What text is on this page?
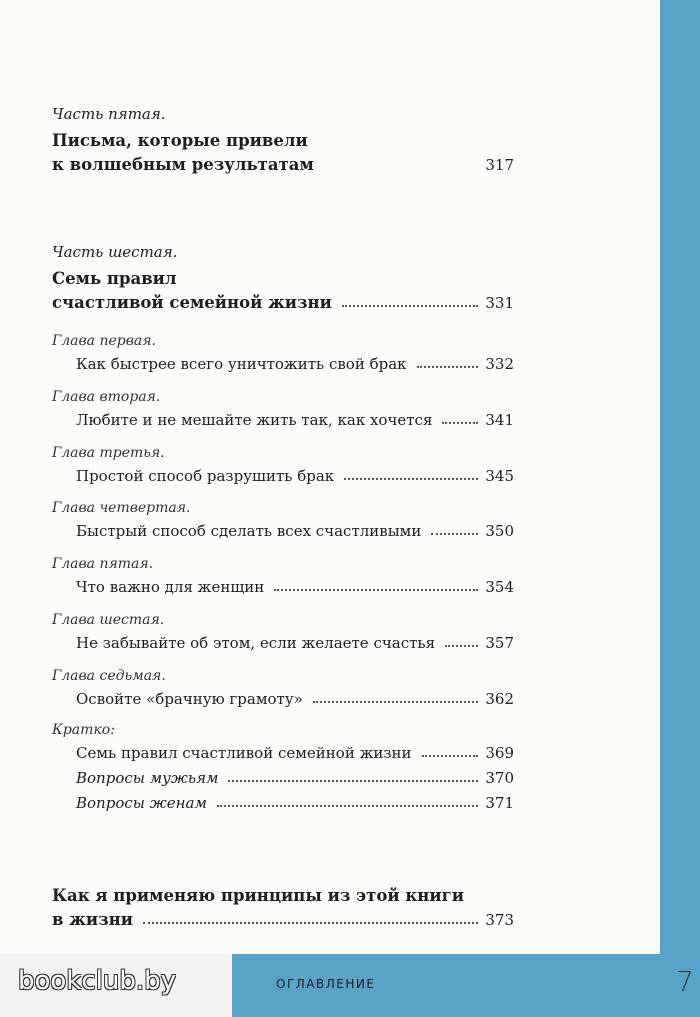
Часть пятая.
Письма, которые привели
к волшебным результатам	317
Часть шестая.
Семь правил
счастливой семейной жизни	331
Глава первая.
Как быстрее всего уничтожить свой брак	332
Глава вторая.
Любите и не мешайте жить так, как хочется	341
Глава третья.
Простой способ разрушить брак	345
Глава четвертая.
Быстрый способ сделать всех счастливыми	350
Глава пятая.
Что важно для женщин	354
Глава шестая.
Не забывайте об этом, если желаете счастья	357
Глава седьмая.
Освойте «брачную грамоту»	362
Кратко:
Семь правил счастливой семейной жизни	369
Вопросы мужьям	370
Вопросы женам	371
Как я применяю принципы из этой книги
в жизни	373
ОГЛАВЛЕНИЕ	7
bookclub.by
